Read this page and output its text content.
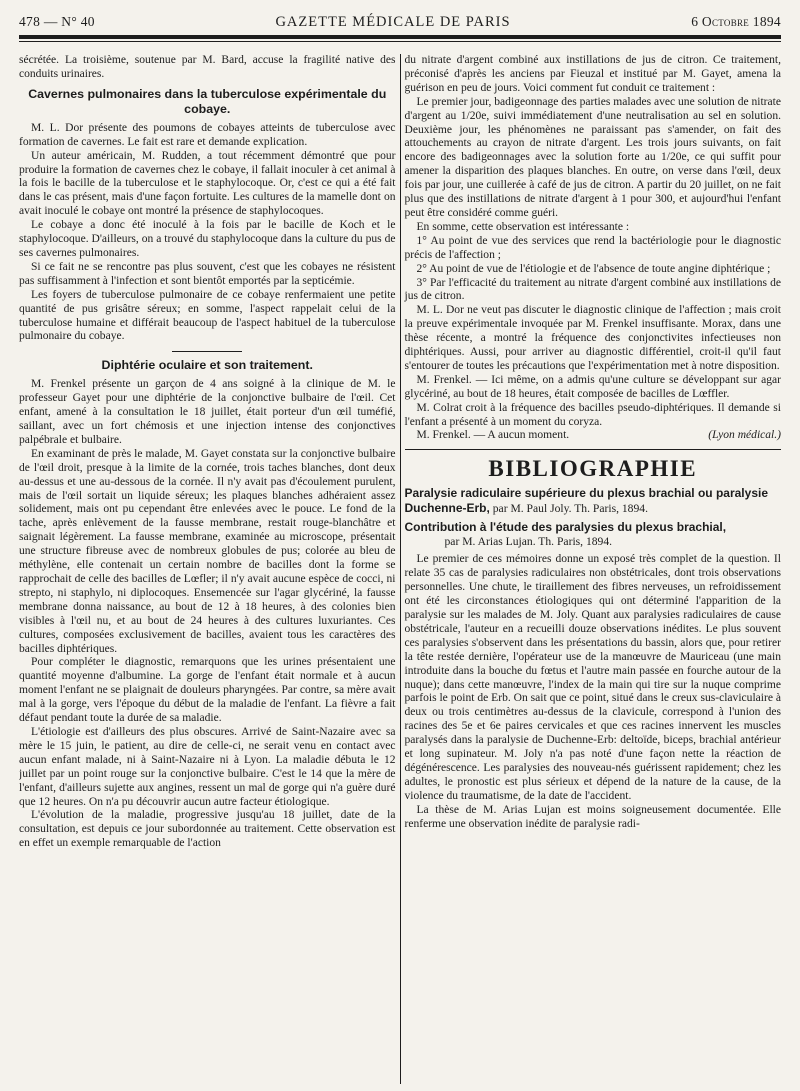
478 — N° 40	GAZETTE MÉDICALE DE PARIS	6 Octobre 1894

sécrétée. La troisième, soutenue par M. Bard, accuse la fragilité native des conduits urinaires.

Cavernes pulmonaires dans la tuberculose expérimentale du cobaye.

M. L. Dor présente des poumons de cobayes atteints de tuberculose avec formation de cavernes. Le fait est rare et demande explication.

Un auteur américain, M. Rudden, a tout récemment démontré que pour produire la formation de cavernes chez le cobaye, il fallait inoculer à cet animal à la fois le bacille de la tuberculose et le staphylocoque. Or, c'est ce qui a été fait dans le cas présent, mais d'une façon fortuite. Les cultures de la mamelle dont on avait inoculé le cobaye ont montré la présence de staphylocoques.

Le cobaye a donc été inoculé à la fois par le bacille de Koch et le staphylocoque. D'ailleurs, on a trouvé du staphylocoque dans la culture du pus de ses cavernes pulmonaires.

Si ce fait ne se rencontre pas plus souvent, c'est que les cobayes ne résistent pas suffisamment à l'infection et sont bientôt emportés par la septicémie.

Les foyers de tuberculose pulmonaire de ce cobaye renfermaient une petite quantité de pus grisâtre séreux; en somme, l'aspect rappelait celui de la tuberculose humaine et différait beaucoup de l'aspect habituel de la tuberculose pulmonaire du cobaye.

Diphtérie oculaire et son traitement.

M. Frenkel présente un garçon de 4 ans soigné à la clinique de M. le professeur Gayet pour une diphtérie de la conjonctive bulbaire de l'œil. Cet enfant, amené à la consultation le 18 juillet, était porteur d'un œil tuméfié, saillant, avec un fort chémosis et une injection intense des conjonctives palpébrale et bulbaire.

En examinant de près le malade, M. Gayet constata sur la conjonctive bulbaire de l'œil droit, presque à la limite de la cornée, trois taches blanches, dont deux au-dessus et une au-dessous de la cornée. Il n'y avait pas d'écoulement purulent, mais de l'œil sortait un liquide séreux; les plaques blanches adhéraient assez solidement, mais ont pu cependant être enlevées avec le pouce. Le fond de la tache, après enlèvement de la fausse membrane, restait rouge-blanchâtre et saignait légèrement. La fausse membrane, examinée au microscope, présentait une structure fibreuse avec de nombreux globules de pus; colorée au bleu de méthylène, elle contenait un certain nombre de bacilles dont la forme se rapprochait de celle des bacilles de Lœfler; il n'y avait aucune espèce de cocci, ni strepto, ni staphylo, ni diplocoques. Ensemencée sur l'agar glycériné, la fausse membrane donna naissance, au bout de 12 à 18 heures, à des colonies bien visibles à l'œil nu, et au bout de 24 heures à des cultures luxuriantes. Ces cultures, composées exclusivement de bacilles, avaient tous les caractères des bacilles diphtériques.

Pour compléter le diagnostic, remarquons que les urines présentaient une quantité moyenne d'albumine. La gorge de l'enfant était normale et à aucun moment l'enfant ne se plaignait de douleurs pharyngées. Par contre, sa mère avait mal à la gorge, vers l'époque du début de la maladie de l'enfant. La fièvre a fait défaut pendant toute la durée de sa maladie.

L'étiologie est d'ailleurs des plus obscures. Arrivé de Saint-Nazaire avec sa mère le 15 juin, le patient, au dire de celle-ci, ne serait venu en contact avec aucun enfant malade, ni à Saint-Nazaire ni à Lyon. La maladie débuta le 12 juillet par un point rouge sur la conjonctive bulbaire. C'est le 14 que la mère de l'enfant, d'ailleurs sujette aux angines, ressent un mal de gorge qui n'a guère duré que 12 heures. On n'a pu découvrir aucun autre facteur étiologique.

L'évolution de la maladie, progressive jusqu'au 18 juillet, date de la consultation, est depuis ce jour subordonnée au traitement. Cette observation est en effet un exemple remarquable de l'action

du nitrate d'argent combiné aux instillations de jus de citron. Ce traitement, préconisé d'après les anciens par Fieuzal et institué par M. Gayet, amena la guérison en peu de jours. Voici comment fut conduit ce traitement :

Le premier jour, badigeonnage des parties malades avec une solution de nitrate d'argent au 1/20e, suivi immédiatement d'une neutralisation au sel en solution. Deuxième jour, les phénomènes ne paraissant pas s'amender, on fait des attouchements au crayon de nitrate d'argent. Les trois jours suivants, on fait encore des badigeonnages avec la solution forte au 1/20e, ce qui suffit pour amener la disparition des plaques blanches. En outre, on verse dans l'œil, deux fois par jour, une cuillerée à café de jus de citron. A partir du 20 juillet, on ne fait plus que des instillations de nitrate d'argent à 1 pour 300, et aujourd'hui l'enfant peut être considéré comme guéri.

En somme, cette observation est intéressante :

1° Au point de vue des services que rend la bactériologie pour le diagnostic précis de l'affection ;

2° Au point de vue de l'étiologie et de l'absence de toute angine diphtérique ;

3° Par l'efficacité du traitement au nitrate d'argent combiné aux instillations de jus de citron.

M. L. Dor ne veut pas discuter le diagnostic clinique de l'affection ; mais croit la preuve expérimentale invoquée par M. Frenkel insuffisante. Morax, dans une thèse récente, a montré la fréquence des conjonctivites infectieuses non diphtériques. Aussi, pour arriver au diagnostic différentiel, croit-il qu'il faut s'entourer de toutes les précautions que l'expérimentation met à notre disposition.

M. Frenkel. — Ici même, on a admis qu'une culture se développant sur agar glycériné, au bout de 18 heures, était composée de bacilles de Lœffler.

M. Colrat croit à la fréquence des bacilles pseudo-diphtériques. Il demande si l'enfant a présenté à un moment du coryza.

M. Frenkel. — A aucun moment.	(Lyon médical.)
BIBLIOGRAPHIE
Paralysie radiculaire supérieure du plexus brachial ou paralysie Duchenne-Erb, par M. Paul Joly. Th. Paris, 1894.
Contribution à l'étude des paralysies du plexus brachial,
par M. Arias Lujan. Th. Paris, 1894.

Le premier de ces mémoires donne un exposé très complet de la question. Il relate 35 cas de paralysies radiculaires non obstétricales, dont trois observations personnelles. Une chute, le tiraillement des fibres nerveuses, un refroidissement ont été les circonstances étiologiques qui ont déterminé l'apparition de la paralysie sur les malades de M. Joly. Quant aux paralysies radiculaires de cause obstétricale, l'auteur en a recueilli douze observations inédites. Le plus souvent ces paralysies s'observent dans les présentations du bassin, alors que, pour retirer la tête restée dernière, l'opérateur use de la manœuvre de Mauriceau (une main introduite dans la bouche du fœtus et l'autre main passée en fourche autour de la nuque); dans cette manœuvre, l'index de la main qui tire sur la nuque comprime parfois le point de Erb. On sait que ce point, situé dans le creux sus-claviculaire à deux ou trois centimètres au-dessus de la clavicule, correspond à l'union des racines des 5e et 6e paires cervicales et que ces racines innervent les muscles paralysés dans la paralysie de Duchenne-Erb: deltoïde, biceps, brachial antérieur et long supinateur. M. Joly n'a pas noté d'une façon nette la réaction de dégénérescence. Les paralysies des nouveau-nés guérissent rapidement; chez les adultes, le pronostic est plus sérieux et dépend de la nature de la cause, de la violence du traumatisme, de la date de l'accident.

La thèse de M. Arias Lujan est moins soigneusement documentée. Elle renferme une observation inédite de paralysie radi-
